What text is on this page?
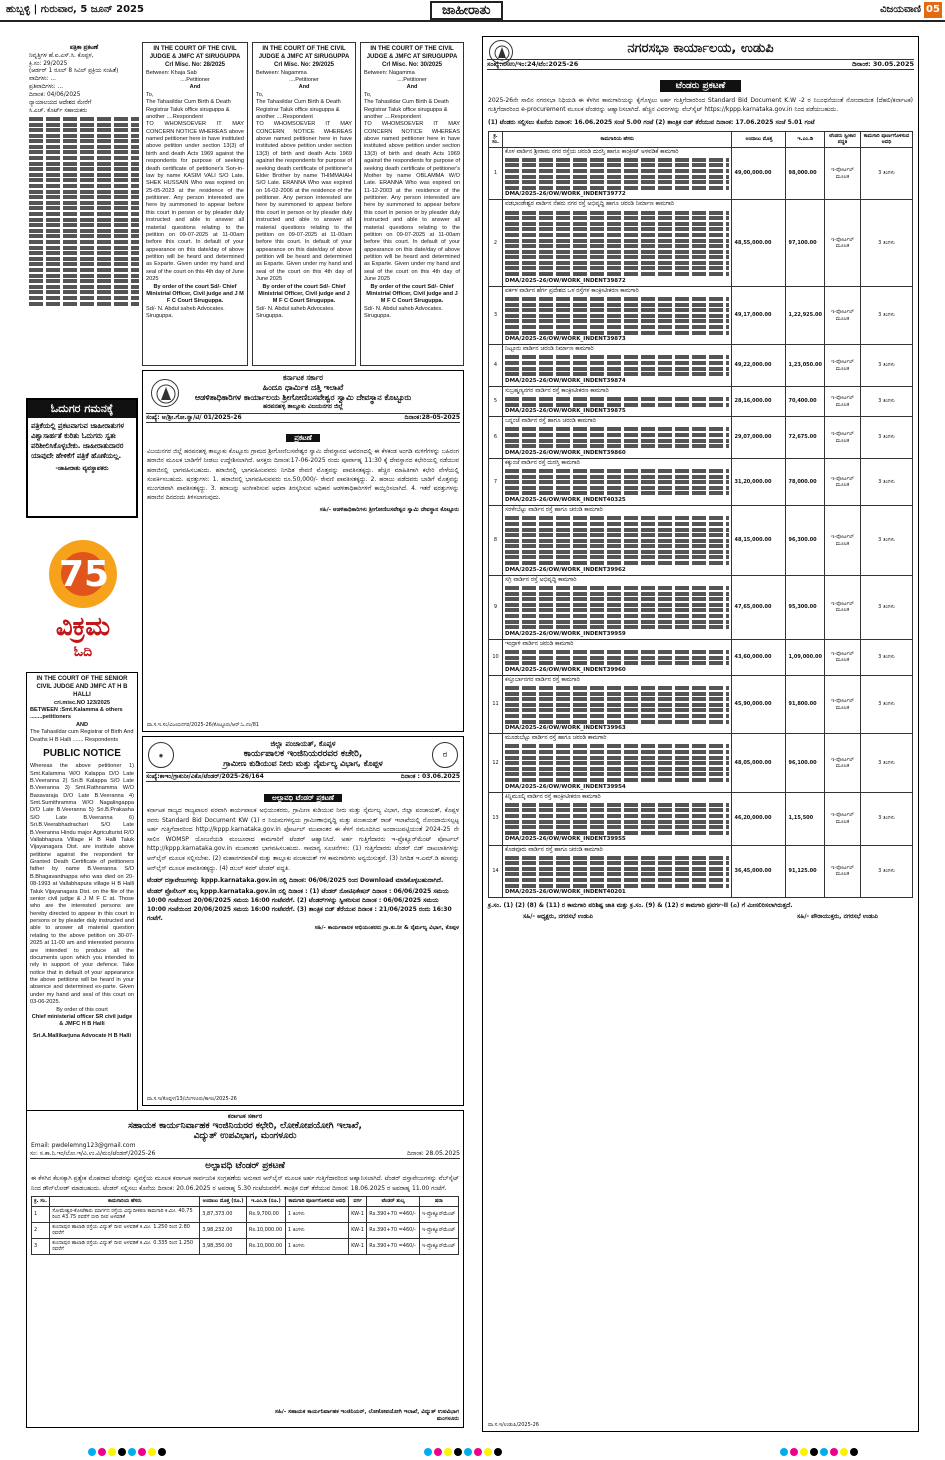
ಹುಬ್ಬಳ್ಳಿ | ಗುರುವಾರ, 5 ಜೂನ್ 2025	ಜಾಹೀರಾತು	ವಿಜಯವಾಣಿ 05
ಪತ್ರಿಕಾ ಪ್ರಕಟಣೆ
ನಿವೃತ್ತಿಗಳ ಹೆ.ಐ.ಎಸ್.ಸಿ. ಕೊಪ್ಪಳ,
ಕ್ರಿ.ಸಂ: 29/2025
(ಆರ್ಡರ್ 1 ರೂಲ್ 8 ಸಿವಿಲ್ ಪ್ರಕ್ರಿಯ ಸಂಹಿತೆ)
ವಾದಿಗಳು: ...
ಪ್ರತಿವಾದಿಗಳು: ...
ದಿನಾಂಕ: 04/06/2025
ನ್ಯಾಯಾಲಯದ ಆದೇಶದ ಮೇರೆಗೆ
ಸಿ.ಎಚ್. ಕೊರ್ಟ್ ಸಹಾಯಕರು
IN THE COURT OF THE CIVIL JUDGE & JMFC AT SIRUGUPPA
Crl Misc. No: 28/2025
Between: Khaja Sab
....Petitioner
And
To,
The Tahasildar Cum Birth & Death Registrar Taluk office siruguppa & another ....Respondent
TO WHOMSOEVER IT MAY CONCERN NOTICE WHEREAS above named petitioner here in have instituted above petition under section 13(3) of birth and death Acts 1969 against the respondents for purpose of seeking death certificate of petitioner's Son-in-law by name KASIM VALI S/O Late. SHEK HUSSAIN Who was expired on 25-05-2023 at the residence of the petitioner. Any person interested are here by summoned to appear before this court in person or by pleader duly instructed and able to answer all material questions relating to the petition on 09-07-2025 at 11-00am before this court. In default of your appearance on this date/day of above petition will be heard and determined as Exparte. Given under my hand and seal of the court on this 4th day of June 2025
By order of the court Sd/- Chief Ministrial Officer, Civil judge and J M F C Court Siruguppa.
Sd/- N. Abdul saheb Advocates. Siruguppa.
IN THE COURT OF THE CIVIL JUDGE & JMFC AT SIRUGUPPA
Crl Misc. No: 29/2025
Between: Nagamma
....Petitioner
And
To,
The Tahasildar Cum Birth & Death Registrar Taluk office siruguppa & another ....Respondent
TO WHOMSOEVER IT MAY CONCERN NOTICE WHEREAS above named petitioner here in have instituted above petition under section 13(3) of birth and death Acts 1969 against the respondents for purpose of seeking death certificate of petitioner's Elder Brother by name THIMMAIAH S/O Late. ERANNA Who was expired on 16-02-2006 at the residence of the petitioner. Any person interested are here by summoned to appear before this court in person or by pleader duly instructed and able to answer all material questions relating to the petition on 09-07-2025 at 11-00am before this court. In default of your appearance on this date/day of above petition will be heard and determined as Exparte. Given under my hand and seal of the court on this 4th day of June 2025
By order of the court Sd/- Chief Ministrial Officer, Civil judge and J M F C Court Siruguppa.
Sd/- N. Abdul saheb Advocates. Siruguppa.
IN THE COURT OF THE CIVIL JUDGE & JMFC AT SIRUGUPPA
Crl Misc. No: 30/2025
Between: Nagamma
....Petitioner
And
To,
The Tahasildar Cum Birth & Death Registrar Taluk office siruguppa & another ....Respondent
TO WHOMSOEVER IT MAY CONCERN NOTICE WHEREAS above named petitioner here in have instituted above petition under section 13(3) of birth and death Acts 1969 against the respondents for purpose of seeking death certificate of petitioner's Mother by name OBLAMMA W/O Late. ERANNA Who was expired on 11-12-2003 at the residence of the petitioner. Any person interested are here by summoned to appear before this court in person or by pleader duly instructed and able to answer all material questions relating to the petition on 09-07-2025 at 11-00am before this court. In default of your appearance on this date/day of above petition will be heard and determined as Exparte. Given under my hand and seal of the court on this 4th day of June 2025
By order of the court Sd/- Chief Ministrial Officer, Civil judge and J M F C Court Siruguppa.
Sd/- N. Abdul saheb Advocates. Siruguppa.
ಓದುಗರ ಗಮನಕ್ಕೆ
ಪತ್ರಿಕೆಯಲ್ಲಿ ಪ್ರಕಟವಾಗುವ ಜಾಹೀರಾತುಗಳ ವಿಶ್ವಾಸಾರ್ಹತೆ ಕುರಿತು ಓದುಗರು ಸ್ವತಃ ಪರಿಶೀಲಿಸಿಕೊಳ್ಳಬೇಕು. ಜಾಹೀರಾತುದಾರರ ಯಾವುದೇ ಹೇಳಿಕೆಗೆ ಪತ್ರಿಕೆ ಹೊಣೆಯಲ್ಲ.
-ಜಾಹೀರಾತು ವ್ಯವಸ್ಥಾಪಕರು
75
ವಿಕ್ರಮ
ಓದಿ
IN THE COURT OF THE SENIOR CIVIL JUDGE AND JMFC AT H B HALLI
cri.misc.NO 123/2025
BETWEEN :Smt.Kalamma & others ........petitioners
AND
The Tahasildar cum Registrar of Birth And Deaths H B Halli ....... Respondents
PUBLIC NOTICE
Whereas the above petitioner 1) Smt.Kalamma W/O Kalappa D/O Late B.Veeranna 2) Sri.B Kalappa S/O Late B.Veeranna 3) Smt.Rathnamma W/O Basavaraja D/O Late B.Veeranna 4) Smt.Sumithramma W/O Nagalingappa D/O Late B.Veeranna 5) Sri.B.Prakasha S/O Late B.Veeranna 6) Sri.B.Veerabhadrachari S/O Late B.Veeranna Hindu major Agriculturist R/O Vallabhapura Village H B Halli Taluk Vijayanagara Dist. are institute above petitione against the respondent for Granted Death Certificate of petitioners father by name B.Veeranna S/O B.Bhagavanthappa who was died on 20-08-1993 at Vallabhapura village H B Halli Taluk Vijayanagara Dist. on the file of the senior civil judge & J M F C at. Those who are the interested persons are hereby directed to appear in this court in persons or by pleader duly instructed and able to answer all material question relating to the above petition on 30-07-2025 at 11-00 am and interested persons are intended to produce all the documents upon which you intended to rely in support of your defence. Take notice that in default of your appearance the above petitions will be heard in your absence and determined ex-parte. Given under my hand and seal of this court on 03-06-2025.
By order of this court
Chief ministerial officer SR civil judge & JMFC H B Halli
Sri.A.Mallikarjuna Advocate H B Halli
ಕರ್ನಾಟಕ ಸರ್ಕಾರ
ಹಿಂದೂ ಧಾರ್ಮಿಕ ದತ್ತಿ ಇಲಾಖೆ
ಆಡಳಿತಾಧಿಕಾರಿಗಳ ಕಾರ್ಯಾಲಯ ಶ್ರೀಗೋಣಿಬಸವೇಶ್ವರ ಸ್ವಾಮಿ ದೇವಸ್ಥಾನ ಕೊಟ್ಟೂರು
ಹರಪನಹಳ್ಳಿ ತಾಲ್ಲೂಕು ವಿಜಯನಗರ ಜಿಲ್ಲೆ
ಸಂಖ್ಯೆ: ಆ/ಶ್ರೀ.ಗೋ.ಸ್ವಾ/ಟಿ/ 01/2025-26	ದಿನಾಂಕ:28-05-2025
ಪ್ರಕಟಣೆ
ವಿಜಯನಗರ ಜಿಲ್ಲೆ ಹರಪನಹಳ್ಳಿ ತಾಲ್ಲೂಕು ಕೊಟ್ಟೂರು ಗ್ರಾಮದ ಶ್ರೀಗೋಣಿಬಸವೇಶ್ವರ ಸ್ವಾಮಿ ದೇವಸ್ಥಾನದ ಆವರಣದಲ್ಲಿ ಈ ಕೆಳಕಂಡ ಅಂಗಡಿ ಮಳಿಗೆಗಳನ್ನು ಬಹಿರಂಗ ಹರಾಜಿನ ಮೂಲಕ ಬಾಡಿಗೆಗೆ ನೀಡಲು ಉದ್ದೇಶಿಸಲಾಗಿದೆ. ಆಸಕ್ತರು ದಿನಾಂಕ:17-06-2025 ರಂದು ಪೂರ್ವಾಹ್ನ 11:30 ಕ್ಕೆ ದೇವಸ್ಥಾನದ ಕಛೇರಿಯಲ್ಲಿ ನಡೆಯುವ ಹರಾಜಿನಲ್ಲಿ ಭಾಗವಹಿಸಬಹುದು. ಹರಾಜಿನಲ್ಲಿ ಭಾಗವಹಿಸುವವರು ನಿಗದಿತ ಠೇವಣಿ ಮೊತ್ತವನ್ನು ಪಾವತಿಸತಕ್ಕದ್ದು. ಹೆಚ್ಚಿನ ಮಾಹಿತಿಗಾಗಿ ಕಛೇರಿ ವೇಳೆಯಲ್ಲಿ ಸಂಪರ್ಕಿಸಬಹುದು. ಷರತ್ತುಗಳು: 1. ಹರಾಜಿನಲ್ಲಿ ಭಾಗವಹಿಸುವವರು ರೂ.50,000/- ಠೇವಣಿ ಪಾವತಿಸತಕ್ಕದ್ದು. 2. ಹರಾಜು ಪಡೆದವರು ಬಾಡಿಗೆ ಮೊತ್ತವನ್ನು ಮುಂಗಡವಾಗಿ ಪಾವತಿಸತಕ್ಕದ್ದು. 3. ಹರಾಜನ್ನು ಅಂಗೀಕರಿಸುವ ಅಥವಾ ತಿರಸ್ಕರಿಸುವ ಅಧಿಕಾರ ಆಡಳಿತಾಧಿಕಾರಿಗಳಿಗೆ ಕಾಯ್ದಿರಿಸಲಾಗಿದೆ. 4. ಇತರೆ ಷರತ್ತುಗಳನ್ನು ಹರಾಜಿನ ದಿನದಂದು ತಿಳಿಸಲಾಗುವುದು.
ಸಹಿ/- ಆಡಳಿತಾಧಿಕಾರಿಗಳು ಶ್ರೀಗೋಣಿಬಸವೇಶ್ವರ ಸ್ವಾಮಿ ದೇವಸ್ಥಾನ ಕೊಟ್ಟೂರು
ವಾ.ಸ.ಇ.ಸಂ/ವಿಜಯನಗರ/2025-26/ಕೊಟ್ಟೂರು/ಆರ್.ಓ.ನಂ/81
◉	ಠ
ಜಿಲ್ಲಾ ಪಂಚಾಯತ್, ಕೊಪ್ಪಳ
ಕಾರ್ಯಪಾಲಕ ಇಂಜಿನಿಯರರವರ ಕಚೇರಿ,
ಗ್ರಾಮೀಣ ಕುಡಿಯುವ ನೀರು ಮತ್ತು ನೈರ್ಮಲ್ಯ ವಿಭಾಗ, ಕೊಪ್ಪಳ
ಸಂಖ್ಯೆ:ಕಾಇಂ/ಗ್ರಾಕುನೀ/ವಿಕೊ/ಟೆಂಡರ್/2025-26/164	ದಿನಾಂಕ : 03.06.2025
ಅಲ್ಪಾವಧಿ ಟೆಂಡರ್ ಪ್ರಕಟಣೆ
ಕರ್ನಾಟಕ ರಾಜ್ಯದ ರಾಜ್ಯಪಾಲರ ಪರವಾಗಿ ಕಾರ್ಯಪಾಲಕ ಅಭಿಯಂತರರು, ಗ್ರಾಮೀಣ ಕುಡಿಯುವ ನೀರು ಮತ್ತು ನೈರ್ಮಲ್ಯ ವಿಭಾಗ, ಜಿಲ್ಲಾ ಪಂಚಾಯತ್, ಕೊಪ್ಪಳ ರವರು Standard Bid Document KW (1) ರ ನಿಯಮಗಳನ್ವಯ ಗ್ರಾಮೀಣಾಭಿವೃದ್ಧಿ ಮತ್ತು ಪಂಚಾಯತ್ ರಾಜ್ ಇಲಾಖೆಯಲ್ಲಿ ನೋಂದಾಯಿಸಲ್ಪಟ್ಟ ಅರ್ಹ ಗುತ್ತಿಗೆದಾರರಿಂದ http://kppp.karnataka.gov.in ಪೋರ್ಟಲ್ ಮುಖಾಂತರ ಈ ಕೆಳಗೆ ನಮೂದಿಸಿದ ಅಂದಾಜುಪಟ್ಟಿಯಂತೆ 2024-25 ನೇ ಸಾಲಿನ WOMSP ಯೋಜನೆಯಡಿ ಮಂಜೂರಾದ ಕಾಮಗಾರಿಗೆ ಟೆಂಡರ್ ಆಹ್ವಾನಿಸಿದೆ. ಅರ್ಹ ಗುತ್ತಿಗೆದಾರರು ಇ-ಪ್ರೊಕ್ಯೂರ್‌ಮೆಂಟ್ ಪೋರ್ಟಲ್ http://kppp.karnataka.gov.in ಮುಖಾಂತರ ಭಾಗವಹಿಸಬಹುದು. ಸಾಮಾನ್ಯ ಸೂಚನೆಗಳು: (1) ಗುತ್ತಿಗೆದಾರರು ಟೆಂಡರ್ ಬಿಡ್ ದಾಖಲಾತಿಗಳನ್ನು ಆನ್‌ಲೈನ್ ಮೂಲಕ ಸಲ್ಲಿಸಬೇಕು. (2) ಮಹಾನಗರಪಾಲಿಕೆ ಮತ್ತು ತಾಲ್ಲೂಕು ಪಂಚಾಯತ್ ಗಳ ಕಾಮಗಾರಿಗಳು ಅನ್ವಯಿಸುತ್ತವೆ. (3) ನಿಗದಿತ ಇ.ಎಮ್.ಡಿ ಹಣವನ್ನು ಆನ್‌ಲೈನ್ ಮೂಲಕ ಪಾವತಿಸತಕ್ಕದ್ದು. (4) ಡಬಲ್ ಕವರ್ ಟೆಂಡರ್ ಪದ್ದತಿ.
ಟೆಂಡರ್ ದಸ್ತಾವೇಜುಗಳನ್ನು kppp.karnataka.gov.in ನಲ್ಲಿ ದಿನಾಂಕ: 06/06/2025 ರಿಂದ Download ಮಾಡಿಕೊಳ್ಳಬಹುದಾಗಿದೆ.
ಟೆಂಡರ್ ಪ್ರೊಸೆಸಿಂಗ್ ಶುಲ್ಕ kppp.karnataka.gov.in ನಲ್ಲಿ ದಿನಾಂಕ : (1) ಟೆಂಡರ್ ನೋಟಿಫಿಕೇಷನ್ ದಿನಾಂಕ : 06/06/2025 ಸಮಯ 10:00 ಗಂಟೆಯಿಂದ 20/06/2025 ಸಮಯ 16:00 ಗಂಟೆವರೆಗೆ. (2) ಟೆಂಡರ್‌ಗಳನ್ನು ಸ್ವೀಕರಿಸುವ ದಿನಾಂಕ : 06/06/2025 ಸಮಯ 10:00 ಗಂಟೆಯಿಂದ 20/06/2025 ಸಮಯ 16:00 ಗಂಟೆವರೆಗೆ. (3) ತಾಂತ್ರಿಕ ಬಿಡ್ ತೆರೆಯುವ ದಿನಾಂಕ : 21/06/2025 ರಂದು 16:30 ಗಂಟೆಗೆ.
ಸಹಿ/- ಕಾರ್ಯಪಾಲಕ ಅಭಿಯಂತರರು ಗ್ರಾ.ಕು.ನೀ & ನೈರ್ಮಲ್ಯ ವಿಭಾಗ, ಕೊಪ್ಪಳ
ವಾ.ಸ.ಇ/ಕೊಪ್ಪಳ/13/ಬೆಂಗಳೂರು/ಕಾಇಂ/2025-26
ಕರ್ನಾಟಕ ಸರ್ಕಾರ
ಸಹಾಯಕ ಕಾರ್ಯನಿರ್ವಾಹಕ ಇಂಜಿನಿಯರರ ಕಛೇರಿ, ಲೋಕೋಪಯೋಗಿ ಇಲಾಖೆ,
ವಿದ್ಯುತ್ ಉಪವಿಭಾಗ, ಮಂಗಳೂರು
Email: pwdelemng123@gmail.com
ಸಂ: ಸ.ಕಾ.ನಿ.ಇಂ/ಲೋ.ಇ/ವಿ.ಉ.ವಿ/ಮಂ/ಟೆಂಡರ್/2025-26	ದಿನಾಂಕ: 28.05.2025
ಅಲ್ಪಾವಧಿ ಟೆಂಡರ್ ಪ್ರಕಟಣೆ
ಈ ಕೆಳಗಿನ ಕೆಲಸಕ್ಕಾಗಿ ಪ್ರತ್ಯೇಕ ಮೊಹರಾದ ಟೆಂಡರನ್ನು ವ್ಯವಸ್ಥೆಯ ಮೂಲಕ ಕರ್ನಾಟಕ ಸಾರ್ವಜನಿಕ ಸಂಗ್ರಹಣೆಯ ಅನುಸಾರ ಆನ್‌ಲೈನ್ ಮೂಲಕ ಅರ್ಹ ಗುತ್ತಿಗೆದಾರರಿಂದ ಆಹ್ವಾನಿಸಲಾಗಿದೆ. ಟೆಂಡರ್ ದಸ್ತಾವೇಜುಗಳನ್ನು ವೆಬ್‌ಸೈಟ್ ನಿಂದ ಡೌನ್‌ಲೋಡ್ ಮಾಡಬಹುದು. ಟೆಂಡರ್ ಸಲ್ಲಿಸಲು ಕೊನೆಯ ದಿನಾಂಕ: 20.06.2025 ರ ಅಪರಾಹ್ನ 5.30 ಗಂಟೆಯವರೆಗೆ. ತಾಂತ್ರಿಕ ಬಿಡ್ ತೆರೆಯುವ ದಿನಾಂಕ: 18.06.2025 ರ ಅಪರಾಹ್ನ 11.00 ಗಂಟೆಗೆ.
ಕ್ರ. ಸಂ.	ಕಾಮಗಾರಿಯ ಹೆಸರು	ಅಂದಾಜು ಮೊತ್ತ (ರೂ.)	ಇ.ಎಂ.ಡಿ (ರೂ.)	ಕಾಮಗಾರಿ ಪೂರ್ಣಗೊಳಿಸುವ ಅವಧಿ	ವರ್ಗ	ಟೆಂಡರ್ ಶುಲ್ಕ	ಷರಾ
1	ಸೋಮೇಶ್ವರ-ಕೋಟೆಕಾರು ಮಾರ್ಗದ ರಸ್ತೆಯ ವಿದ್ಯುದೀಕರಣ ಕಾಮಗಾರಿ ಕಿ.ಮೀ. 40.75 ರಿಂದ 43.75 ರವರೆಗೆ ಬೀದಿ ದೀಪ ಅಳವಡಿಕೆ	3,87,373.00	Rs.9,700.00	1 ತಿಂಗಳು	KW-1	Rs.390+70 =460/-	ಇ-ಪ್ರೊಕ್ಯೂರ್‌ಮೆಂಟ್
2	ಕುಂದಾಪುರ ಹಾಲಾಡಿ ರಸ್ತೆಯ ವಿದ್ಯುತ್ ದೀಪ ಅಳವಡಿಕೆ ಕಿ.ಮೀ. 1.250 ರಿಂದ 2.80 ರವರೆಗೆ	3,98,232.00	Rs.10,000.00	1 ತಿಂಗಳು	KW-1	Rs.390+70 =460/-	ಇ-ಪ್ರೊಕ್ಯೂರ್‌ಮೆಂಟ್
3	ಕುಂದಾಪುರ ಹಾಲಾಡಿ ರಸ್ತೆಯ ವಿದ್ಯುತ್ ದೀಪ ಅಳವಡಿಕೆ ಕಿ.ಮೀ. 0.335 ರಿಂದ 1.250 ರವರೆಗೆ	3,98,350.00	Rs.10,000.00	1 ತಿಂಗಳು	KW-1	Rs.390+70 =460/-	ಇ-ಪ್ರೊಕ್ಯೂರ್‌ಮೆಂಟ್
ಸಹಿ/- ಸಹಾಯಕ ಕಾರ್ಯನಿರ್ವಾಹಕ ಇಂಜಿನಿಯರ್, ಲೋಕೋಪಯೋಗಿ ಇಲಾಖೆ, ವಿದ್ಯುತ್ ಉಪವಿಭಾಗ ಮಂಗಳೂರು
ನಗರಸಭಾ ಕಾರ್ಯಾಲಯ, ಉಡುಪಿ
ಸಂಖ್ಯೆ:ನಸಉ/ಇಂ:24/ಟೆಂ:2025-26	ದಿನಾಂಕ: 30.05.2025
ಟೆಂಡರು ಪ್ರಕಟಣೆ
2025-26ನೇ ಸಾಲಿನ ನಗರಸಭಾ ನಿಧಿಯಡಿ ಈ ಕೆಳಗಿನ ಕಾಮಗಾರಿಯನ್ನು ಕೈಗೊಳ್ಳಲು ಅರ್ಹ ಗುತ್ತಿಗೆದಾರರಿಂದ Standard Bid Document K.W -2 ರ ನಿಬಂಧನೆಯಂತೆ ನೋಂದಾಯಿತ (ದೆಹಲಿ/ಕರ್ನಾಟಕ) ಗುತ್ತಿಗೆದಾರರಿಂದ e-procurement ಮೂಲಕ ಟೆಂಡರನ್ನು ಆಹ್ವಾನಿಸಲಾಗಿದೆ. ಹೆಚ್ಚಿನ ವಿವರಗಳನ್ನು ವೆಬ್‌ಸೈಟ್ https://kppp.karnataka.gov.in ನಿಂದ ಪಡೆಯಬಹುದು.
(1) ಟೆಂಡರು ಸಲ್ಲಿಸಲು ಕೊನೆಯ ದಿನಾಂಕ: 16.06.2025 ಸಂಜೆ 5.00 ಗಂಟೆ (2) ತಾಂತ್ರಿಕ ಬಿಡ್ ತೆರೆಯುವ ದಿನಾಂಕ: 17.06.2025 ಸಂಜೆ 5.01 ಗಂಟೆ
ಕ್ರ. ಸಂ.	ಕಾಮಗಾರಿಯ ಹೆಸರು	ಅಂದಾಜು ಮೊತ್ತ	ಇ.ಎಂ.ಡಿ	ಟೆಂಡರು ಸ್ವೀಕಾರ ಪದ್ಧತಿ	ಕಾಮಗಾರಿ ಪೂರ್ಣಗೊಳಿಸುವ ಅವಧಿ
1	ಕೊಳ ವಾರ್ಡಿನ ಶ್ರೀರಾಮ ನಗರ ರಸ್ತೆಯ ಚರಂಡಿ ದುರಸ್ತಿ ಹಾಗೂ ಕಾಂಕ್ರೀಟ್ ಅಳವಡಿಕೆ ಕಾಮಗಾರಿ
DMA/2025-26/OW/WORK_INDENT39772	49,00,000.00	98,000.00	ಇ-ಪೋರ್ಟಲ್ ಮೂಲಕ	3 ತಿಂಗಳು
2	ವಡಭಾಂಡೇಶ್ವರ ವಾರ್ಡಿನ ನೆಹರು ನಗರ ರಸ್ತೆ ಅಭಿವೃದ್ಧಿ ಹಾಗೂ ಚರಂಡಿ ನಿರ್ಮಾಣ ಕಾಮಗಾರಿ
DMA/2025-26/OW/WORK_INDENT39872	48,55,000.00	97,100.00	ಇ-ಪೋರ್ಟಲ್ ಮೂಲಕ	3 ತಿಂಗಳು
3	ಪರ್ಕಳ ವಾರ್ಡಿನ ಹೆರ್ಗ ಪ್ರದೇಶದ ಒಳ ರಸ್ತೆಗಳ ಕಾಂಕ್ರೀಟೀಕರಣ ಕಾಮಗಾರಿ
DMA/2025-26/OW/WORK_INDENT39873	49,17,000.00	1,22,925.00	ಇ-ಪೋರ್ಟಲ್ ಮೂಲಕ	3 ತಿಂಗಳು
4	ನಿಟ್ಟೂರು ವಾರ್ಡಿನ ಚರಂಡಿ ನಿರ್ಮಾಣ ಕಾಮಗಾರಿ
DMA/2025-26/OW/WORK_INDENT39874	49,22,000.00	1,23,050.00	ಇ-ಪೋರ್ಟಲ್ ಮೂಲಕ	3 ತಿಂಗಳು
5	ಸುಬ್ರಹ್ಮಣ್ಯನಗರ ವಾರ್ಡಿನ ರಸ್ತೆ ಕಾಂಕ್ರೀಟೀಕರಣ ಕಾಮಗಾರಿ
DMA/2025-26/OW/WORK_INDENT39875	28,16,000.00	70,400.00	ಇ-ಪೋರ್ಟಲ್ ಮೂಲಕ	3 ತಿಂಗಳು
6	ಬನ್ನಂಜೆ ವಾರ್ಡಿನ ರಸ್ತೆ ಹಾಗೂ ಚರಂಡಿ ಕಾಮಗಾರಿ
DMA/2025-26/OW/WORK_INDENT39860	29,07,000.00	72,675.00	ಇ-ಪೋರ್ಟಲ್ ಮೂಲಕ	3 ತಿಂಗಳು
7	ಕಕ್ಕುಂಜೆ ವಾರ್ಡಿನ ರಸ್ತೆ ದುರಸ್ತಿ ಕಾಮಗಾರಿ
DMA/2025-26/OW/WORK_INDENT40325	31,20,000.00	78,000.00	ಇ-ಪೋರ್ಟಲ್ ಮೂಲಕ	3 ತಿಂಗಳು
8	ಸರಳೇಬೆಟ್ಟು ವಾರ್ಡಿನ ರಸ್ತೆ ಹಾಗೂ ಚರಂಡಿ ಕಾಮಗಾರಿ
DMA/2025-26/OW/WORK_INDENT39962	48,15,000.00	96,300.00	ಇ-ಪೋರ್ಟಲ್ ಮೂಲಕ	3 ತಿಂಗಳು
9	ಸಗ್ರಿ ವಾರ್ಡಿನ ರಸ್ತೆ ಅಭಿವೃದ್ಧಿ ಕಾಮಗಾರಿ
DMA/2025-26/OW/WORK_INDENT39959	47,65,000.00	95,300.00	ಇ-ಪೋರ್ಟಲ್ ಮೂಲಕ	3 ತಿಂಗಳು
10	ಇಂದ್ರಾಳಿ ವಾರ್ಡಿನ ಚರಂಡಿ ಕಾಮಗಾರಿ
DMA/2025-26/OW/WORK_INDENT39960	43,60,000.00	1,09,000.00	ಇ-ಪೋರ್ಟಲ್ ಮೂಲಕ	3 ತಿಂಗಳು
11	ಕಸ್ತೂರ್ಬಾನಗರ ವಾರ್ಡಿನ ರಸ್ತೆ ಕಾಮಗಾರಿ
DMA/2025-26/OW/WORK_INDENT39963	45,90,000.00	91,800.00	ಇ-ಪೋರ್ಟಲ್ ಮೂಲಕ	3 ತಿಂಗಳು
12	ಮೂಡುಬೆಟ್ಟು ವಾರ್ಡಿನ ರಸ್ತೆ ಹಾಗೂ ಚರಂಡಿ ಕಾಮಗಾರಿ
DMA/2025-26/OW/WORK_INDENT39954	48,05,000.00	96,100.00	ಇ-ಪೋರ್ಟಲ್ ಮೂಲಕ	3 ತಿಂಗಳು
13	ಕಿನ್ನಿಮೂಲ್ಕಿ ವಾರ್ಡಿನ ರಸ್ತೆ ಕಾಂಕ್ರೀಟೀಕರಣ ಕಾಮಗಾರಿ
DMA/2025-26/OW/WORK_INDENT39955	46,20,000.00	1,15,500	ಇ-ಪೋರ್ಟಲ್ ಮೂಲಕ	3 ತಿಂಗಳು
14	ಕೊಡವೂರು ವಾರ್ಡಿನ ರಸ್ತೆ ಹಾಗೂ ಚರಂಡಿ ಕಾಮಗಾರಿ
DMA/2025-26/OW/WORK_INDENT40201	36,45,000.00	91,125.00	ಇ-ಪೋರ್ಟಲ್ ಮೂಲಕ	3 ತಿಂಗಳು
ಕ್ರ.ಸಂ. (1) (2) (8) & (11) ರ ಕಾಮಗಾರಿ ಪರಿಶಿಷ್ಟ ಜಾತಿ ಮತ್ತು ಕ್ರ.ಸಂ. (9) & (12) ರ ಕಾಮಗಾರಿ ಪ್ರವರ್ಗ-II (ಎ) ಗೆ ಮೀಸಲಿರಿಸಲಾಗಿರುತ್ತದೆ.
ಸಹಿ/- ಅಧ್ಯಕ್ಷರು, ನಗರಸಭೆ ಉಡುಪಿ	ಸಹಿ/- ಪೌರಾಯುಕ್ತರು, ನಗರಸಭೆ ಉಡುಪಿ
ವಾ.ಸ.ಇ/ಉಡುಪಿ/2025-26
